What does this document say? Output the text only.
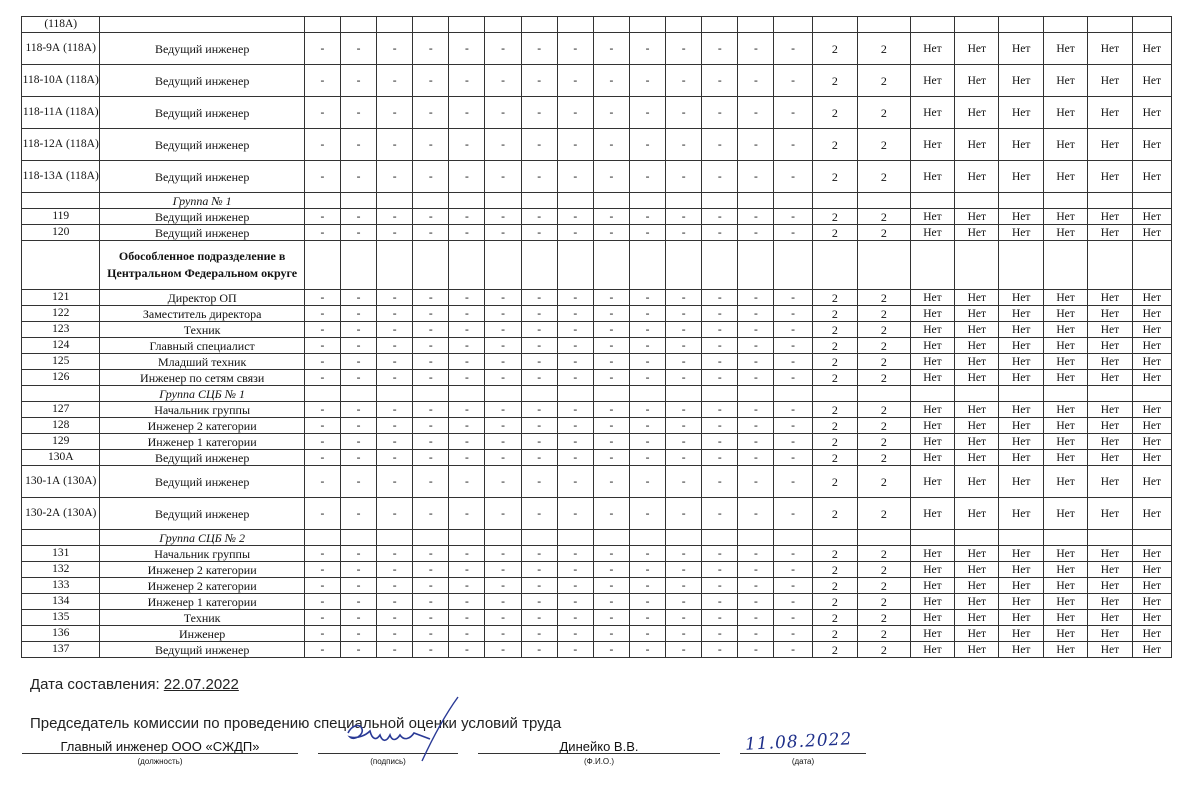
(118А)																							
118-9А (118А)	Ведущий инженер	-	-	-	-	-	-	-	-	-	-	-	-	-	-	2	2	Нет	Нет	Нет	Нет	Нет	Нет
118-10А (118А)	Ведущий инженер	-	-	-	-	-	-	-	-	-	-	-	-	-	-	2	2	Нет	Нет	Нет	Нет	Нет	Нет
118-11А (118А)	Ведущий инженер	-	-	-	-	-	-	-	-	-	-	-	-	-	-	2	2	Нет	Нет	Нет	Нет	Нет	Нет
118-12А (118А)	Ведущий инженер	-	-	-	-	-	-	-	-	-	-	-	-	-	-	2	2	Нет	Нет	Нет	Нет	Нет	Нет
118-13А (118А)	Ведущий инженер	-	-	-	-	-	-	-	-	-	-	-	-	-	-	2	2	Нет	Нет	Нет	Нет	Нет	Нет
	Группа № 1																						
119	Ведущий инженер	-	-	-	-	-	-	-	-	-	-	-	-	-	-	2	2	Нет	Нет	Нет	Нет	Нет	Нет
120	Ведущий инженер	-	-	-	-	-	-	-	-	-	-	-	-	-	-	2	2	Нет	Нет	Нет	Нет	Нет	Нет
	Обособленное подразделение в Центральном Федеральном округе																						
121	Директор ОП	-	-	-	-	-	-	-	-	-	-	-	-	-	-	2	2	Нет	Нет	Нет	Нет	Нет	Нет
122	Заместитель директора	-	-	-	-	-	-	-	-	-	-	-	-	-	-	2	2	Нет	Нет	Нет	Нет	Нет	Нет
123	Техник	-	-	-	-	-	-	-	-	-	-	-	-	-	-	2	2	Нет	Нет	Нет	Нет	Нет	Нет
124	Главный специалист	-	-	-	-	-	-	-	-	-	-	-	-	-	-	2	2	Нет	Нет	Нет	Нет	Нет	Нет
125	Младший техник	-	-	-	-	-	-	-	-	-	-	-	-	-	-	2	2	Нет	Нет	Нет	Нет	Нет	Нет
126	Инженер по сетям связи	-	-	-	-	-	-	-	-	-	-	-	-	-	-	2	2	Нет	Нет	Нет	Нет	Нет	Нет
	Группа СЦБ № 1																						
127	Начальник группы	-	-	-	-	-	-	-	-	-	-	-	-	-	-	2	2	Нет	Нет	Нет	Нет	Нет	Нет
128	Инженер 2 категории	-	-	-	-	-	-	-	-	-	-	-	-	-	-	2	2	Нет	Нет	Нет	Нет	Нет	Нет
129	Инженер 1 категории	-	-	-	-	-	-	-	-	-	-	-	-	-	-	2	2	Нет	Нет	Нет	Нет	Нет	Нет
130А	Ведущий инженер	-	-	-	-	-	-	-	-	-	-	-	-	-	-	2	2	Нет	Нет	Нет	Нет	Нет	Нет
130-1А (130А)	Ведущий инженер	-	-	-	-	-	-	-	-	-	-	-	-	-	-	2	2	Нет	Нет	Нет	Нет	Нет	Нет
130-2А (130А)	Ведущий инженер	-	-	-	-	-	-	-	-	-	-	-	-	-	-	2	2	Нет	Нет	Нет	Нет	Нет	Нет
	Группа СЦБ № 2																						
131	Начальник группы	-	-	-	-	-	-	-	-	-	-	-	-	-	-	2	2	Нет	Нет	Нет	Нет	Нет	Нет
132	Инженер 2 категории	-	-	-	-	-	-	-	-	-	-	-	-	-	-	2	2	Нет	Нет	Нет	Нет	Нет	Нет
133	Инженер 2 категории	-	-	-	-	-	-	-	-	-	-	-	-	-	-	2	2	Нет	Нет	Нет	Нет	Нет	Нет
134	Инженер 1 категории	-	-	-	-	-	-	-	-	-	-	-	-	-	-	2	2	Нет	Нет	Нет	Нет	Нет	Нет
135	Техник	-	-	-	-	-	-	-	-	-	-	-	-	-	-	2	2	Нет	Нет	Нет	Нет	Нет	Нет
136	Инженер	-	-	-	-	-	-	-	-	-	-	-	-	-	-	2	2	Нет	Нет	Нет	Нет	Нет	Нет
137	Ведущий инженер	-	-	-	-	-	-	-	-	-	-	-	-	-	-	2	2	Нет	Нет	Нет	Нет	Нет	Нет
Дата составления: 22.07.2022
Председатель комиссии по проведению специальной оценки условий труда
Главный инженер ООО «СЖДП»
(должность)	(подпись)
Динейко В.В.
(Ф.И.О.)
11.08.2022
(дата)
